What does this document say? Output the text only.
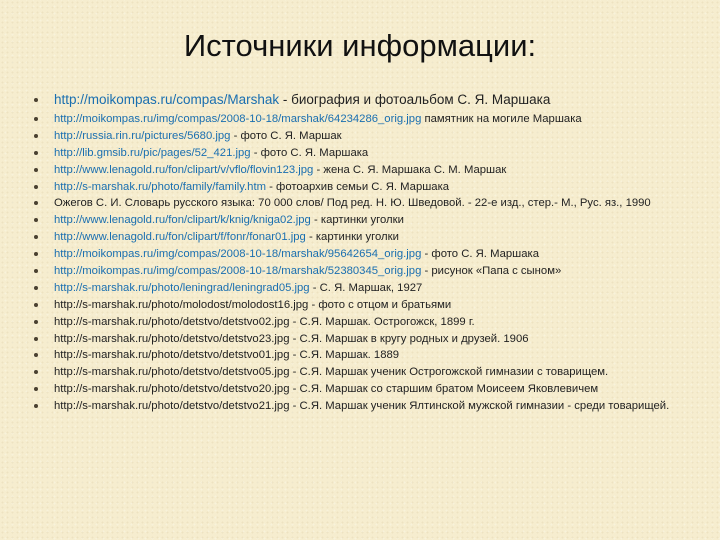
Источники информации:
http://moikompas.ru/compas/Marshak - биография и фотоальбом С. Я. Маршака
http://moikompas.ru/img/compas/2008-10-18/marshak/64234286_orig.jpg памятник на могиле Маршака
http://russia.rin.ru/pictures/5680.jpg - фото С. Я. Маршак
http://lib.gmsib.ru/pic/pages/52_421.jpg - фото С. Я. Маршака
http://www.lenagold.ru/fon/clipart/v/vflo/flovin123.jpg - жена С. Я. Маршака С. М. Маршак
http://s-marshak.ru/photo/family/family.htm - фотоархив семьи С. Я. Маршака
Ожегов С. И. Словарь русского языка: 70 000 слов/ Под ред. Н. Ю. Шведовой. - 22-е изд., стер.- М., Рус. яз., 1990
http://www.lenagold.ru/fon/clipart/k/knig/kniga02.jpg - картинки уголки
http://www.lenagold.ru/fon/clipart/f/fonr/fonar01.jpg - картинки уголки
http://moikompas.ru/img/compas/2008-10-18/marshak/95642654_orig.jpg - фото С. Я. Маршака
http://moikompas.ru/img/compas/2008-10-18/marshak/52380345_orig.jpg - рисунок «Папа с сыном»
http://s-marshak.ru/photo/leningrad/leningrad05.jpg - С. Я. Маршак, 1927
http://s-marshak.ru/photo/molodost/molodost16.jpg - фото с отцом и братьями
http://s-marshak.ru/photo/detstvo/detstvo02.jpg - С.Я. Маршак. Острогожск, 1899 г.
http://s-marshak.ru/photo/detstvo/detstvo23.jpg - С.Я. Маршак в кругу родных и друзей. 1906
http://s-marshak.ru/photo/detstvo/detstvo01.jpg - С.Я. Маршак. 1889
http://s-marshak.ru/photo/detstvo/detstvo05.jpg - С.Я. Маршак ученик Острогожской гимназии с товарищем.
http://s-marshak.ru/photo/detstvo/detstvo20.jpg - С.Я. Маршак со старшим братом Моисеем Яковлевичем
http://s-marshak.ru/photo/detstvo/detstvo21.jpg - С.Я. Маршак ученик Ялтинской мужской гимназии - среди товарищей.
